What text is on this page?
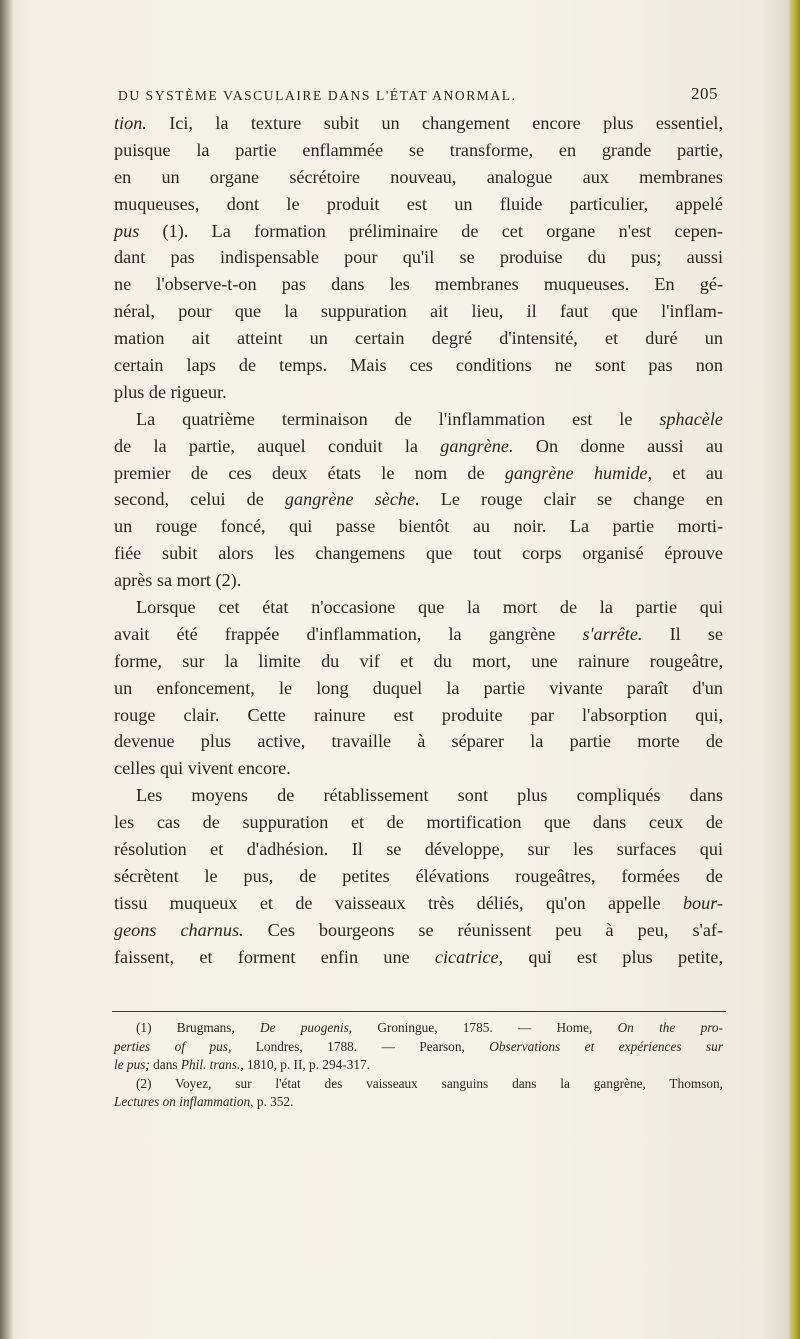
DU SYSTÈME VASCULAIRE DANS L'ÉTAT ANORMAL.	205
tion. Ici, la texture subit un changement encore plus essentiel,
puisque la partie enflammée se transforme, en grande partie,
en un organe sécrétoire nouveau, analogue aux membranes
muqueuses, dont le produit est un fluide particulier, appelé
pus (1). La formation préliminaire de cet organe n'est cepen-
dant pas indispensable pour qu'il se produise du pus; aussi
ne l'observe-t-on pas dans les membranes muqueuses. En gé-
néral, pour que la suppuration ait lieu, il faut que l'inflam-
mation ait atteint un certain degré d'intensité, et duré un
certain laps de temps. Mais ces conditions ne sont pas non
plus de rigueur.
La quatrième terminaison de l'inflammation est le sphacèle
de la partie, auquel conduit la gangrène. On donne aussi au
premier de ces deux états le nom de gangrène humide, et au
second, celui de gangrène sèche. Le rouge clair se change en
un rouge foncé, qui passe bientôt au noir. La partie morti-
fiée subit alors les changemens que tout corps organisé éprouve
après sa mort (2).
Lorsque cet état n'occasione que la mort de la partie qui
avait été frappée d'inflammation, la gangrène s'arrête. Il se
forme, sur la limite du vif et du mort, une rainure rougeâtre,
un enfoncement, le long duquel la partie vivante paraît d'un
rouge clair. Cette rainure est produite par l'absorption qui,
devenue plus active, travaille à séparer la partie morte de
celles qui vivent encore.
Les moyens de rétablissement sont plus compliqués dans
les cas de suppuration et de mortification que dans ceux de
résolution et d'adhésion. Il se développe, sur les surfaces qui
sécrètent le pus, de petites élévations rougeâtres, formées de
tissu muqueux et de vaisseaux très déliés, qu'on appelle bour-
geons charnus. Ces bourgeons se réunissent peu à peu, s'af-
faissent, et forment enfin une cicatrice, qui est plus petite,
(1) Brugmans, De puogenis, Groningue, 1785. — Home, On the pro-
perties of pus, Londres, 1788. — Pearson, Observations et expériences sur
le pus; dans Phil. trans., 1810, p. II, p. 294-317.
(2) Voyez, sur l'état des vaisseaux sanguins dans la gangrène, Thomson,
Lectures on inflammation, p. 352.
